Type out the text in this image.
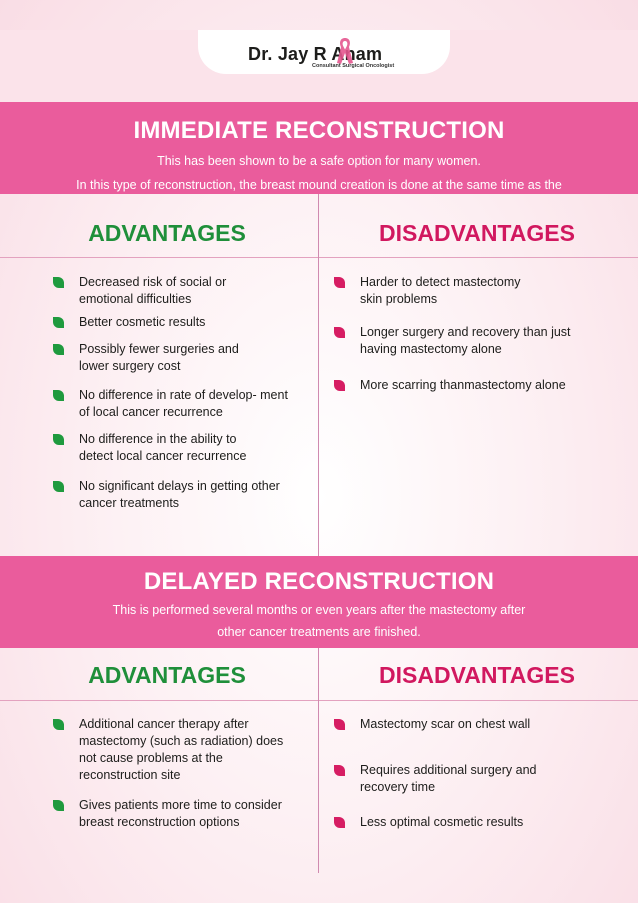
Dr. Jay R Anam
Consultant Surgical Oncologist
IMMEDIATE RECONSTRUCTION

This has been shown to be a safe option for many women.

In this type of reconstruction, the breast mound creation is done at the same time as the

ADVANTAGES	DISADVANTAGES
Decreased risk of social or
emotional difficulties
Better cosmetic results
Possibly fewer surgeries and
lower surgery cost
No difference in rate of develop- ment
of local cancer recurrence
No difference in the ability to
detect local cancer recurrence
No significant delays in getting other
cancer treatments
Harder to detect mastectomy
skin problems
Longer surgery and recovery than just
having mastectomy alone
More scarring thanmastectomy alone
DELAYED RECONSTRUCTION

This is performed several months or even years after the mastectomy after

other cancer treatments are finished.

ADVANTAGES	DISADVANTAGES
Additional cancer therapy after
mastectomy (such as radiation) does
not cause problems at the
reconstruction site
Gives patients more time to consider
breast reconstruction options
Mastectomy scar on chest wall
Requires additional surgery and
recovery time
Less optimal cosmetic results
